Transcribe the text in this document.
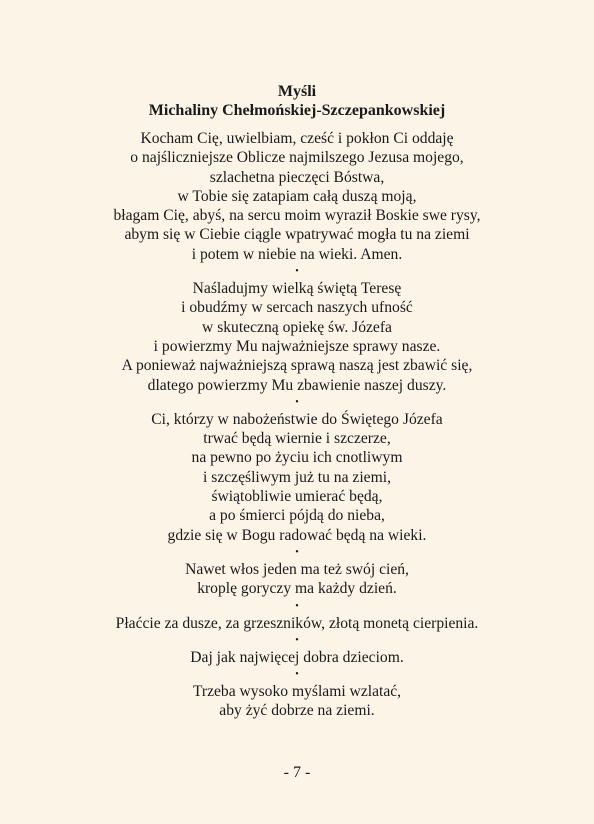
Myśli
Michaliny Chełmońskiej-Szczepankowskiej
Kocham Cię, uwielbiam, cześć i pokłon Ci oddaję
o najśliczniejsze Oblicze najmilszego Jezusa mojego,
szlachetna pieczęci Bóstwa,
w Tobie się zatapiam całą duszą moją,
błagam Cię, abyś, na sercu moim wyraził Boskie swe rysy,
abym się w Ciebie ciągle wpatrywać mogła tu na ziemi
i potem w niebie na wieki. Amen.
•
Naśladujmy wielką świętą Teresę
i obudźmy w sercach naszych ufność
w skuteczną opiekę św. Józefa
i powierzmy Mu najważniejsze sprawy nasze.
A ponieważ najważniejszą sprawą naszą jest zbawić się,
dlatego powierzmy Mu zbawienie naszej duszy.
•
Ci, którzy w nabożeństwie do Świętego Józefa
trwać będą wiernie i szczerze,
na pewno po życiu ich cnotliwym
i szczęśliwym już tu na ziemi,
świątobliwie umierać będą,
a po śmierci pójdą do nieba,
gdzie się w Bogu radować będą na wieki.
•
Nawet włos jeden ma też swój cień,
kroplę goryczy ma każdy dzień.
•
Płaćcie za dusze, za grzeszników, złotą monetą cierpienia.
•
Daj jak najwięcej dobra dzieciom.
•
Trzeba wysoko myślami wzlatać,
aby żyć dobrze na ziemi.
- 7 -
